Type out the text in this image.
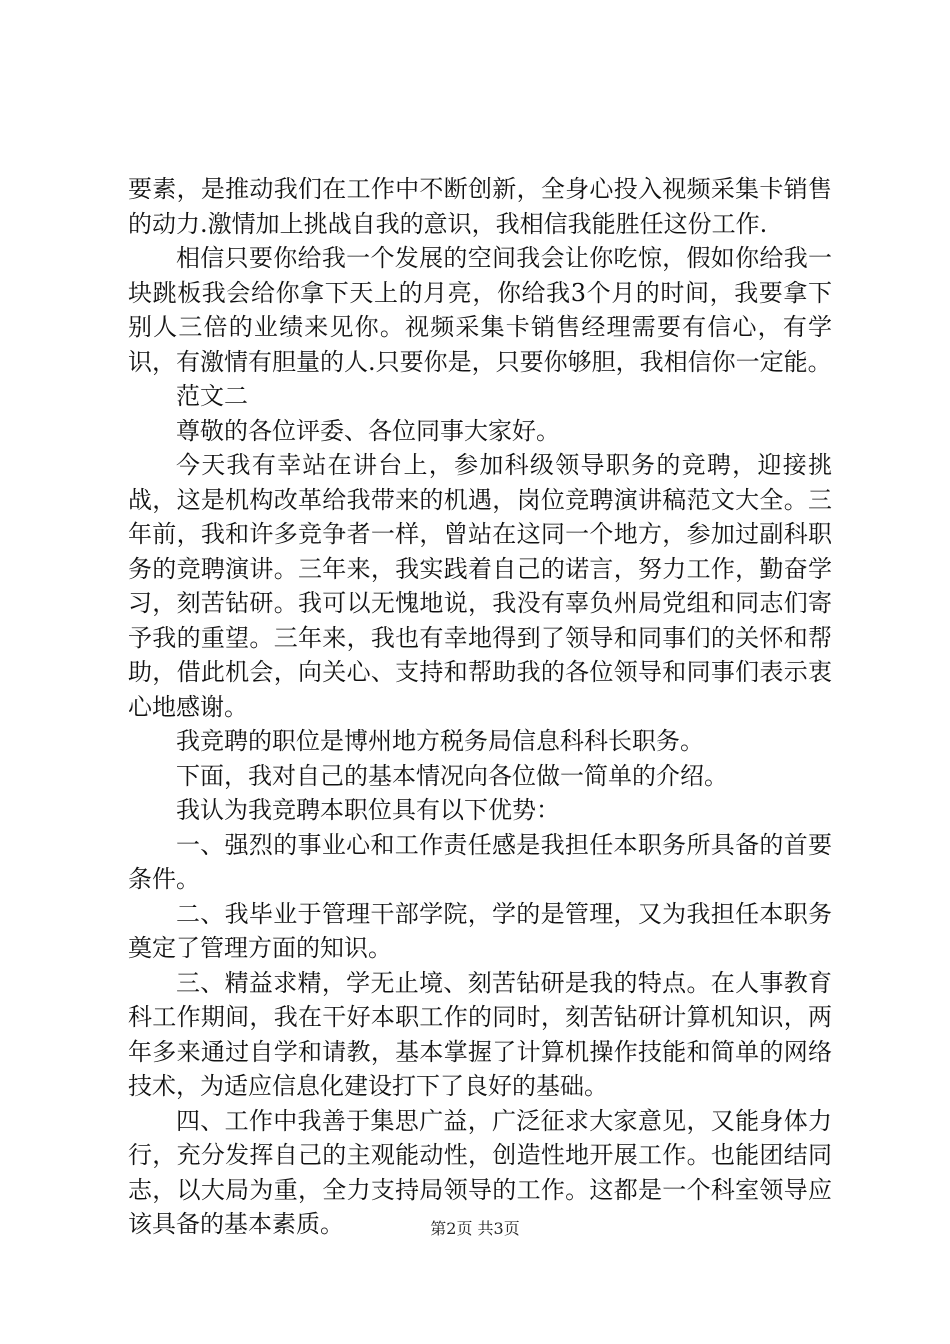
要素，是推动我们在工作中不断创新，全身心投入视频采集卡销售的动力.激情加上挑战自我的意识，我相信我能胜任这份工作.

相信只要你给我一个发展的空间我会让你吃惊，假如你给我一块跳板我会给你拿下天上的月亮，你给我3个月的时间，我要拿下别人三倍的业绩来见你。视频采集卡销售经理需要有信心，有学识，有激情有胆量的人.只要你是，只要你够胆，我相信你一定能。

范文二

尊敬的各位评委、各位同事大家好。

今天我有幸站在讲台上，参加科级领导职务的竞聘，迎接挑战，这是机构改革给我带来的机遇，岗位竞聘演讲稿范文大全。三年前，我和许多竞争者一样，曾站在这同一个地方，参加过副科职务的竞聘演讲。三年来，我实践着自己的诺言，努力工作，勤奋学习，刻苦钻研。我可以无愧地说，我没有辜负州局党组和同志们寄予我的重望。三年来，我也有幸地得到了领导和同事们的关怀和帮助，借此机会，向关心、支持和帮助我的各位领导和同事们表示衷心地感谢。

我竞聘的职位是博州地方税务局信息科科长职务。

下面，我对自己的基本情况向各位做一简单的介绍。

我认为我竞聘本职位具有以下优势：

一、强烈的事业心和工作责任感是我担任本职务所具备的首要条件。

二、我毕业于管理干部学院，学的是管理，又为我担任本职务奠定了管理方面的知识。

三、精益求精，学无止境、刻苦钻研是我的特点。在人事教育科工作期间，我在干好本职工作的同时，刻苦钻研计算机知识，两年多来通过自学和请教，基本掌握了计算机操作技能和简单的网络技术，为适应信息化建设打下了良好的基础。

四、工作中我善于集思广益，广泛征求大家意见，又能身体力行，充分发挥自己的主观能动性，创造性地开展工作。也能团结同志，以大局为重，全力支持局领导的工作。这都是一个科室领导应该具备的基本素质。	第2页 共3页
